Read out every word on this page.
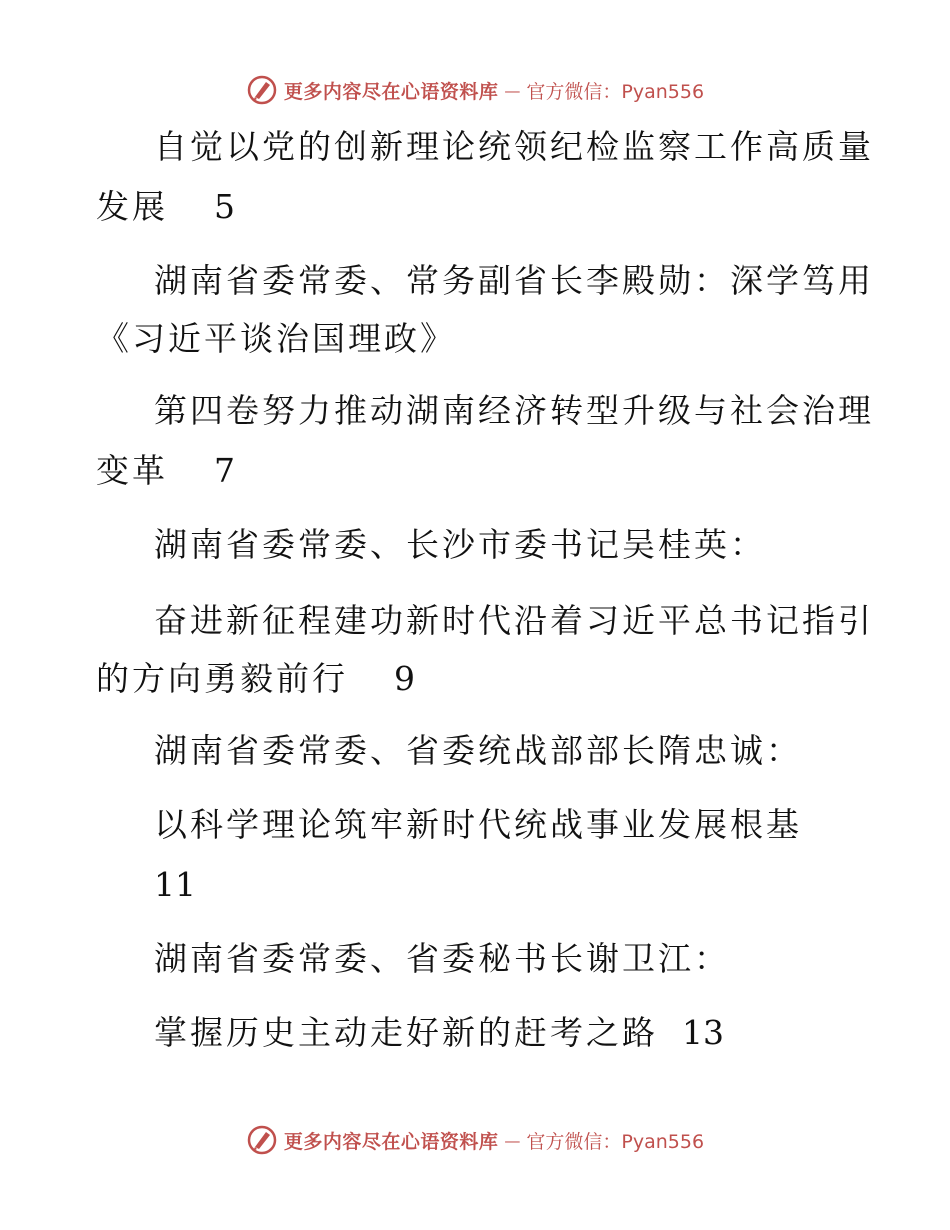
更多内容尽在心语资料库 — 官方微信：Pyan556
自觉以党的创新理论统领纪检监察工作高质量
发展 5
湖南省委常委、常务副省长李殿勋：深学笃用
《习近平谈治国理政》
第四卷努力推动湖南经济转型升级与社会治理
变革 7
湖南省委常委、长沙市委书记吴桂英：
奋进新征程建功新时代沿着习近平总书记指引
的方向勇毅前行 9
湖南省委常委、省委统战部部长隋忠诚：
以科学理论筑牢新时代统战事业发展根基
11
湖南省委常委、省委秘书长谢卫江：
掌握历史主动走好新的赶考之路 13
更多内容尽在心语资料库 — 官方微信：Pyan556
